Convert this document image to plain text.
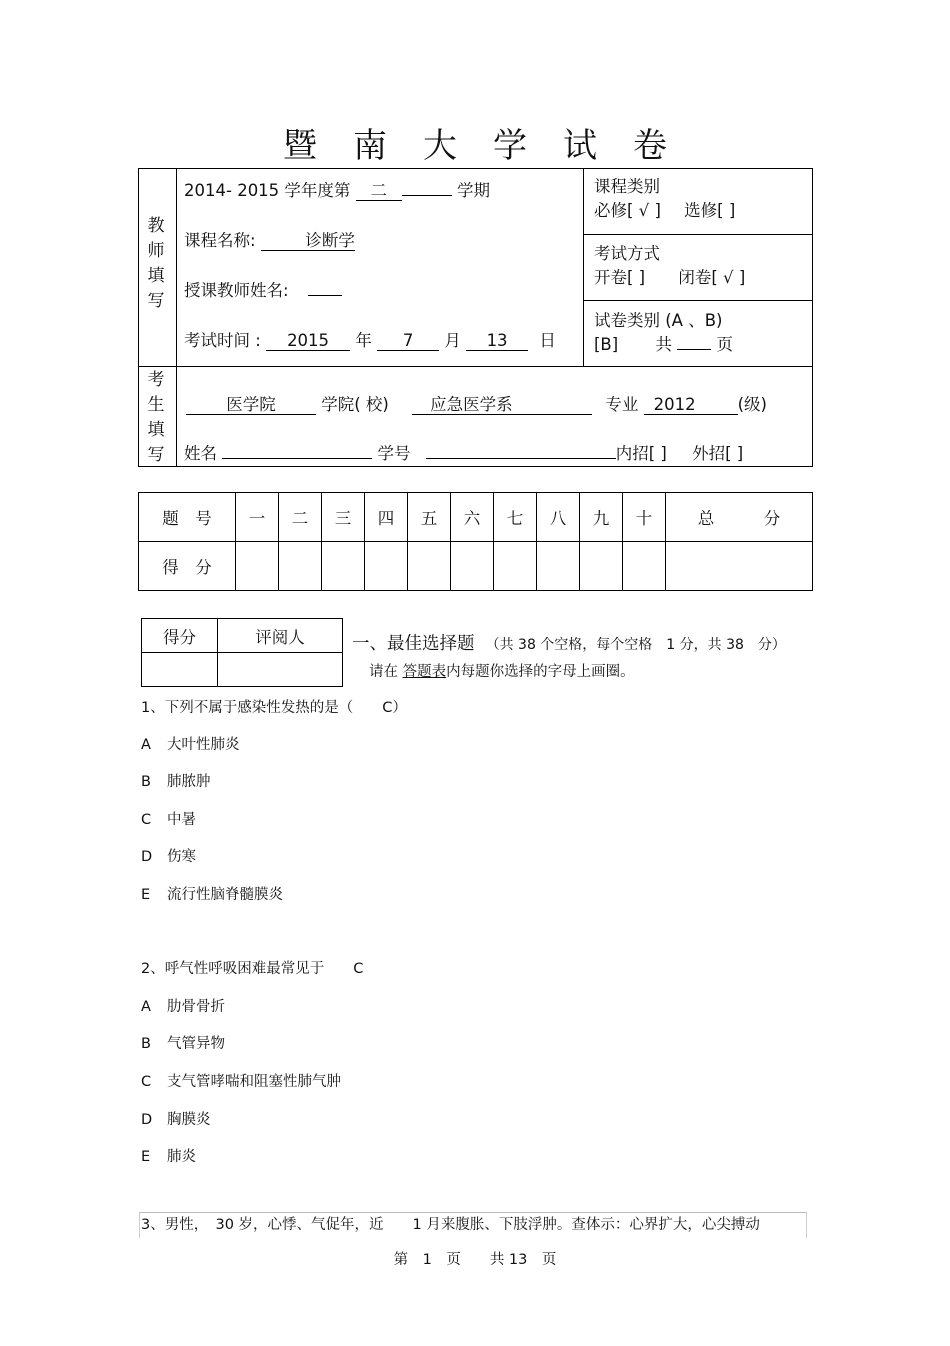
暨南大学试卷
教
师
填
写
2014- 2015 学年度第 二	学期
课程名称:	诊断学
授课教师姓名:
考试时间 : 2015 年 7 月 13 日
课程类别
必修[ √ ] 选修[ ]
考试方式
开卷[ ] 闭卷[ √ ]
试卷类别 (A 、B)
[B] 共	页
考
生
填
写
医学院	学院( 校)	应急医学系	专业 2012	(级)
姓名	学号	内招[ ] 外招[ ]
题　号	一	二	三	四	五	六	七	八	九	十	总　　　分
得　分											
得分	评阅人
		一、最佳选择题 （共 38 个空格，每个空格　1 分，共 38　分）
请在 答题表内每题你选择的字母上画圈。
1、下列不属于感染性发热的是（　　C）
A 大叶性肺炎
B 肺脓肿
C 中暑
D 伤寒
E 流行性脑脊髓膜炎
2、呼气性呼吸困难最常见于　　C
A 肋骨骨折
B 气管异物
C 支气管哮喘和阻塞性肺气肿
D 胸膜炎
E 肺炎
3、男性，　30 岁，心悸、气促年，近　　1 月来腹胀、下肢浮肿。查体示：心界扩大，心尖搏动
第　1　页　　共 13　页
